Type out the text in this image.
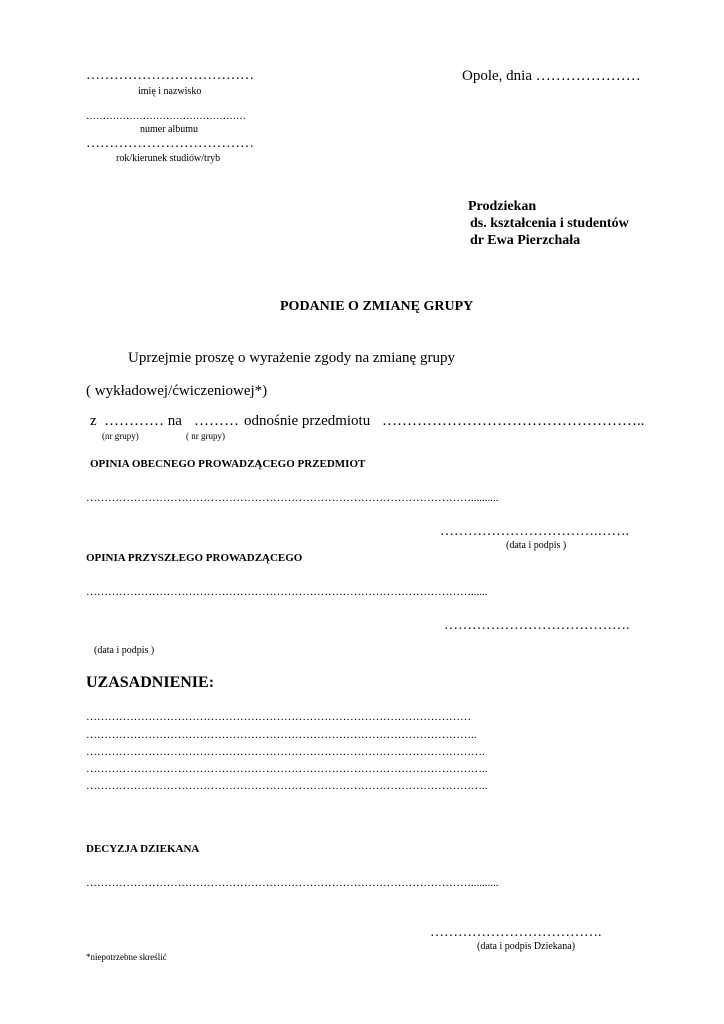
………………………………
imię i nazwisko
…………………………………………
numer albumu
………………………………
rok/kierunek studiów/tryb
Opole, dnia …………………
Prodziekan
ds. kształcenia i studentów
dr Ewa Pierzchała
PODANIE O ZMIANĘ GRUPY
Uprzejmie proszę o wyrażenie zgody na zmianę grupy
( wykładowej/ćwiczeniowej*)
z ………… na ……… odnośnie przedmiotu ……………………………………………..
(nr grupy)	( nr grupy)
OPINIA OBECNEGO PROWADZĄCEGO PRZEDMIOT
……………………………………………………………………………………………..........
…………………………….…….
(data i podpis )
OPINIA PRZYSZŁEGO PROWADZĄCEGO
……………………………………………………………………………………………......
………………………………….
(data i podpis )
UZASADNIENIE:
……………………………………………………………………………………………
……………………………………………………………………………………………..
……………………………………………………………………………………………….
………………………………………………………………………………………………..
………………………………………………………………………………………………..
DECYZJA DZIEKANA
……………………………………………………………………………………………..........
……………………………….
(data i podpis Dziekana)
*niepotrzebne skreślić
